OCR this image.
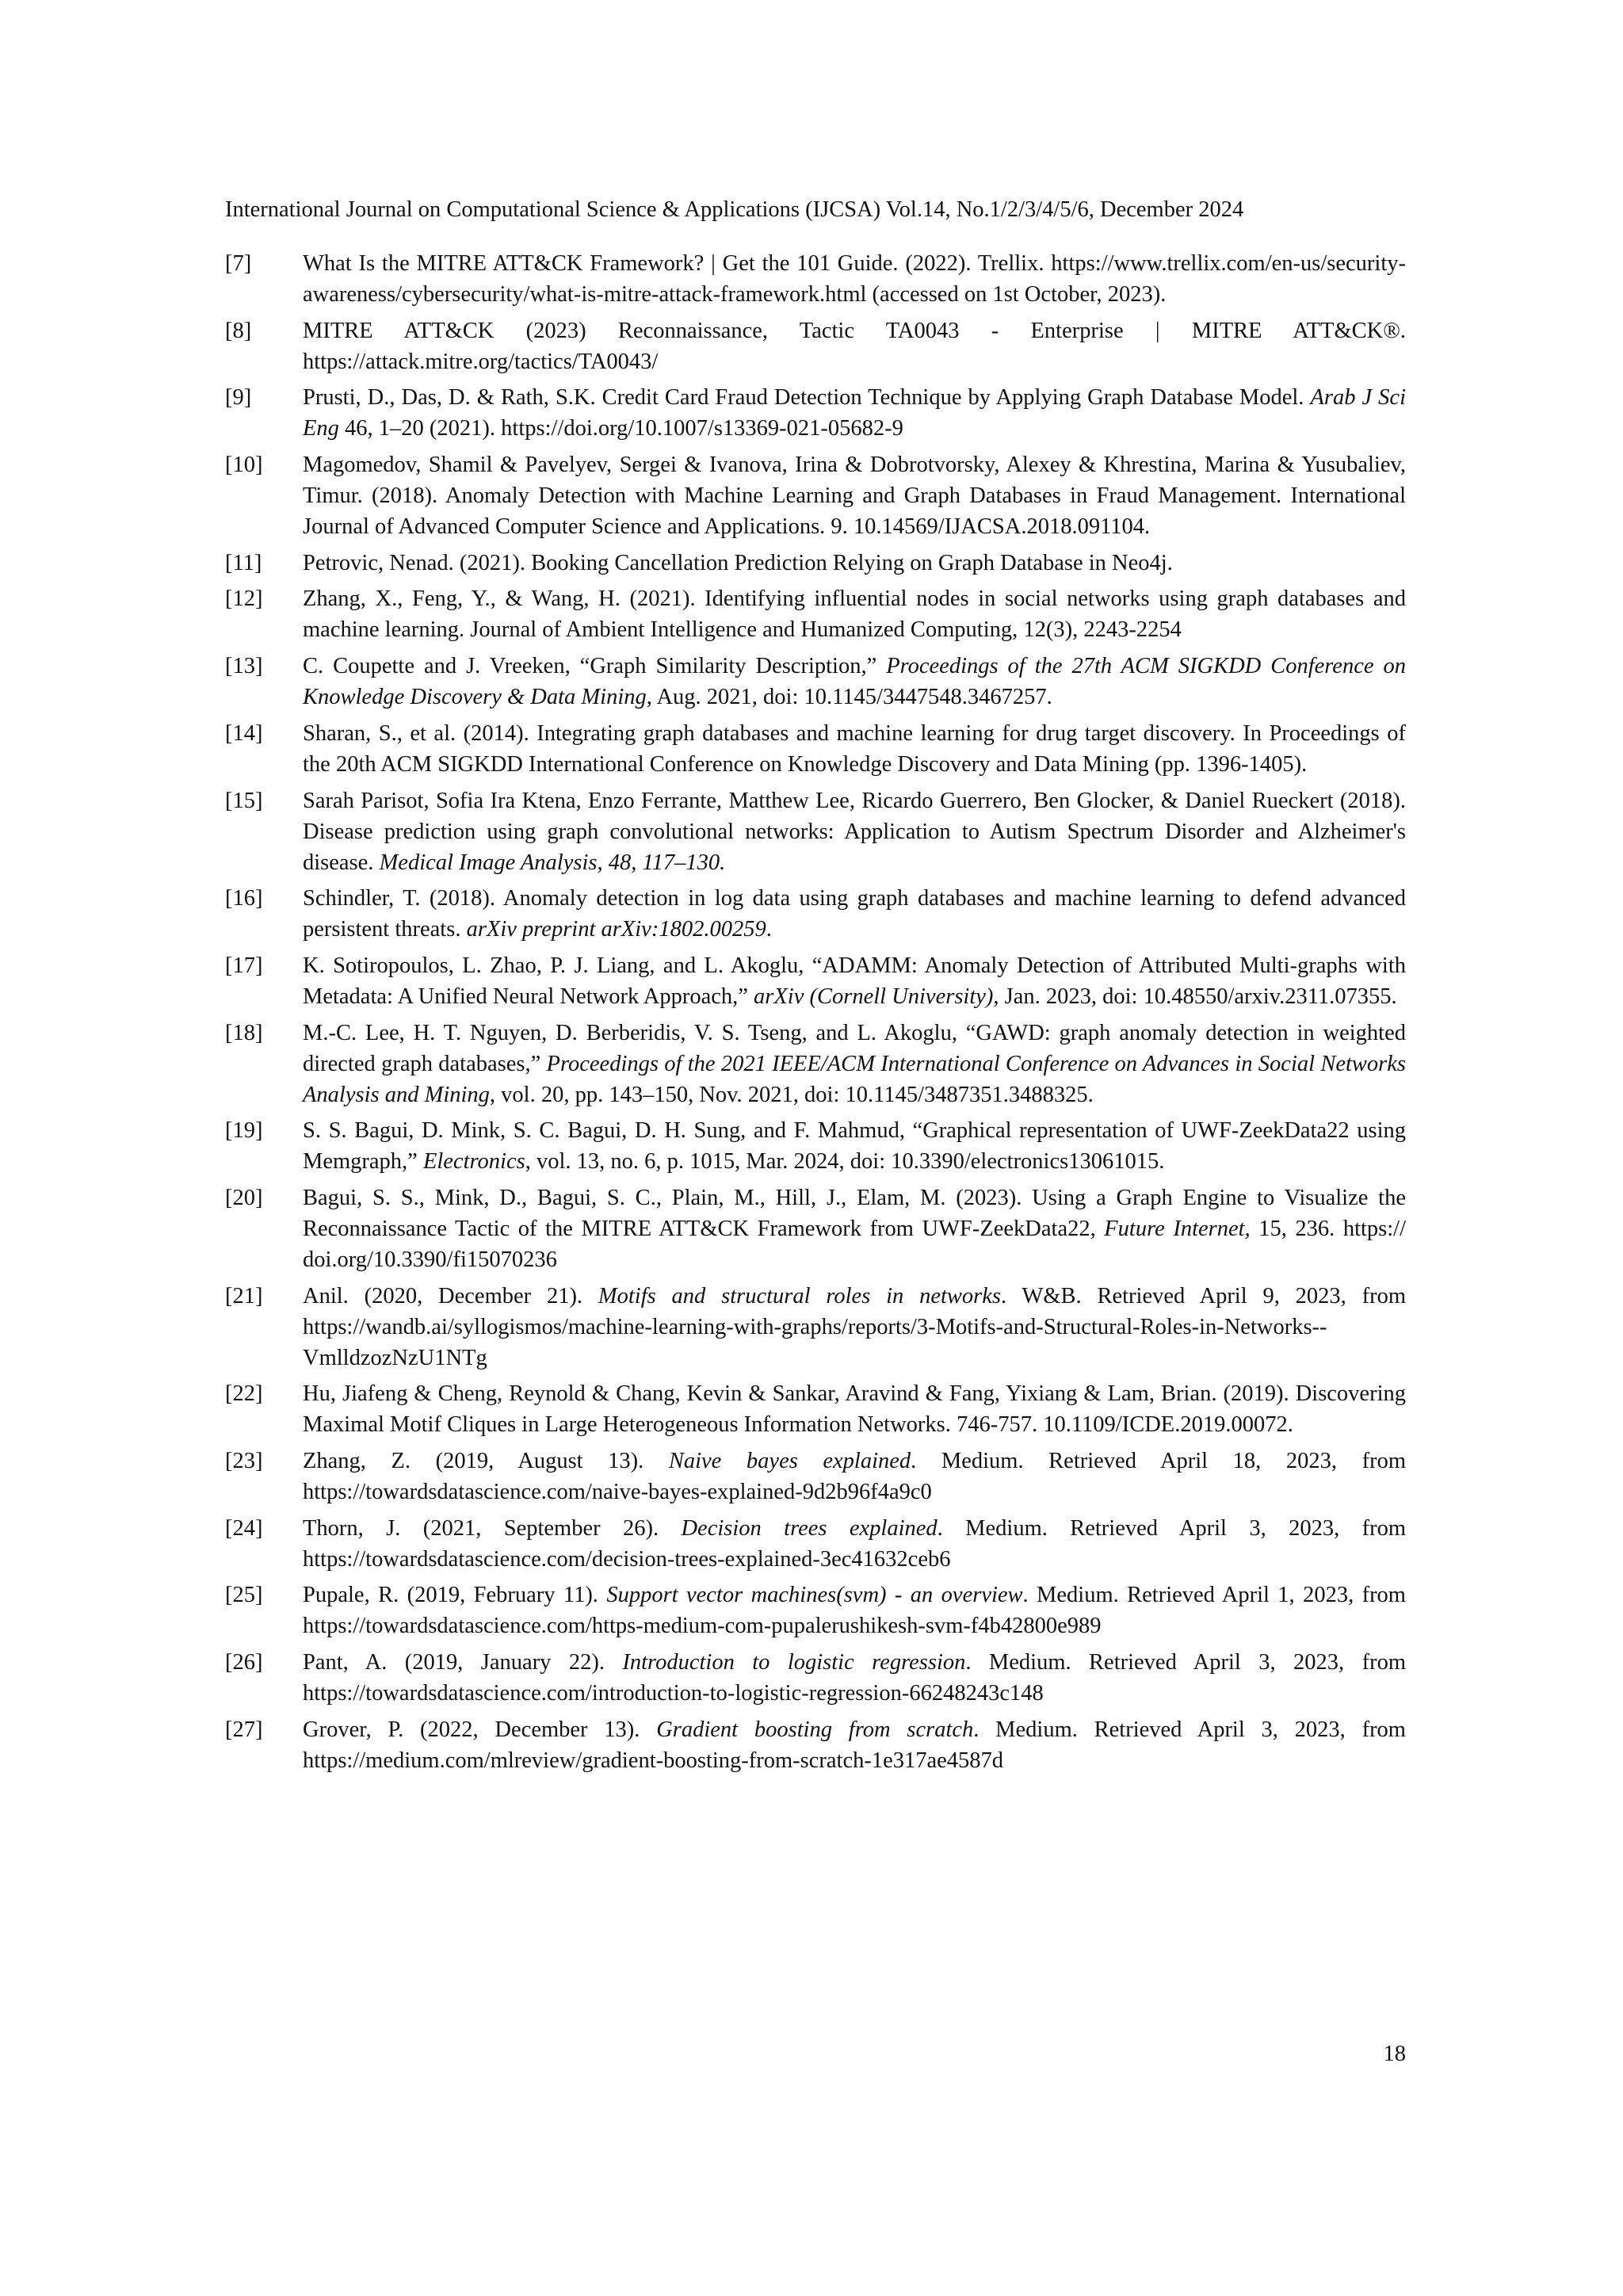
International Journal on Computational Science & Applications (IJCSA) Vol.14, No.1/2/3/4/5/6, December 2024
[7]	What Is the MITRE ATT&CK Framework? | Get the 101 Guide. (2022). Trellix. https://www.trellix.com/en-us/security-awareness/cybersecurity/what-is-mitre-attack-framework.html (accessed on 1st October, 2023).
[8]	MITRE ATT&CK (2023) Reconnaissance, Tactic TA0043 - Enterprise | MITRE ATT&CK®. https://attack.mitre.org/tactics/TA0043/
[9]	Prusti, D., Das, D. & Rath, S.K. Credit Card Fraud Detection Technique by Applying Graph Database Model. Arab J Sci Eng 46, 1–20 (2021). https://doi.org/10.1007/s13369-021-05682-9
[10]	Magomedov, Shamil & Pavelyev, Sergei & Ivanova, Irina & Dobrotvorsky, Alexey & Khrestina, Marina & Yusubaliev, Timur. (2018). Anomaly Detection with Machine Learning and Graph Databases in Fraud Management. International Journal of Advanced Computer Science and Applications. 9. 10.14569/IJACSA.2018.091104.
[11]	Petrovic, Nenad. (2021). Booking Cancellation Prediction Relying on Graph Database in Neo4j.
[12]	Zhang, X., Feng, Y., & Wang, H. (2021). Identifying influential nodes in social networks using graph databases and machine learning. Journal of Ambient Intelligence and Humanized Computing, 12(3), 2243-2254
[13]	C. Coupette and J. Vreeken, “Graph Similarity Description,” Proceedings of the 27th ACM SIGKDD Conference on Knowledge Discovery & Data Mining, Aug. 2021, doi: 10.1145/3447548.3467257.
[14]	Sharan, S., et al. (2014). Integrating graph databases and machine learning for drug target discovery. In Proceedings of the 20th ACM SIGKDD International Conference on Knowledge Discovery and Data Mining (pp. 1396-1405).
[15]	Sarah Parisot, Sofia Ira Ktena, Enzo Ferrante, Matthew Lee, Ricardo Guerrero, Ben Glocker, & Daniel Rueckert (2018). Disease prediction using graph convolutional networks: Application to Autism Spectrum Disorder and Alzheimer's disease. Medical Image Analysis, 48, 117–130.
[16]	Schindler, T. (2018). Anomaly detection in log data using graph databases and machine learning to defend advanced persistent threats. arXiv preprint arXiv:1802.00259.
[17]	K. Sotiropoulos, L. Zhao, P. J. Liang, and L. Akoglu, “ADAMM: Anomaly Detection of Attributed Multi-graphs with Metadata: A Unified Neural Network Approach,” arXiv (Cornell University), Jan. 2023, doi: 10.48550/arxiv.2311.07355.
[18]	M.-C. Lee, H. T. Nguyen, D. Berberidis, V. S. Tseng, and L. Akoglu, “GAWD: graph anomaly detection in weighted directed graph databases,” Proceedings of the 2021 IEEE/ACM International Conference on Advances in Social Networks Analysis and Mining, vol. 20, pp. 143–150, Nov. 2021, doi: 10.1145/3487351.3488325.
[19]	S. S. Bagui, D. Mink, S. C. Bagui, D. H. Sung, and F. Mahmud, “Graphical representation of UWF-ZeekData22 using Memgraph,” Electronics, vol. 13, no. 6, p. 1015, Mar. 2024, doi: 10.3390/electronics13061015.
[20]	Bagui, S. S., Mink, D., Bagui, S. C., Plain, M., Hill, J., Elam, M. (2023). Using a Graph Engine to Visualize the Reconnaissance Tactic of the MITRE ATT&CK Framework from UWF-ZeekData22, Future Internet, 15, 236. https:// doi.org/10.3390/fi15070236
[21]	Anil. (2020, December 21). Motifs and structural roles in networks. W&B. Retrieved April 9, 2023, from https://wandb.ai/syllogismos/machine-learning-with-graphs/reports/3-Motifs-and-Structural-Roles-in-Networks--VmlldzozNzU1NTg
[22]	Hu, Jiafeng & Cheng, Reynold & Chang, Kevin & Sankar, Aravind & Fang, Yixiang & Lam, Brian. (2019). Discovering Maximal Motif Cliques in Large Heterogeneous Information Networks. 746-757. 10.1109/ICDE.2019.00072.
[23]	Zhang, Z. (2019, August 13). Naive bayes explained. Medium. Retrieved April 18, 2023, from https://towardsdatascience.com/naive-bayes-explained-9d2b96f4a9c0
[24]	Thorn, J. (2021, September 26). Decision trees explained. Medium. Retrieved April 3, 2023, from https://towardsdatascience.com/decision-trees-explained-3ec41632ceb6
[25]	Pupale, R. (2019, February 11). Support vector machines(svm) - an overview. Medium. Retrieved April 1, 2023, from https://towardsdatascience.com/https-medium-com-pupalerushikesh-svm-f4b42800e989
[26]	Pant, A. (2019, January 22). Introduction to logistic regression. Medium. Retrieved April 3, 2023, from https://towardsdatascience.com/introduction-to-logistic-regression-66248243c148
[27]	Grover, P. (2022, December 13). Gradient boosting from scratch. Medium. Retrieved April 3, 2023, from https://medium.com/mlreview/gradient-boosting-from-scratch-1e317ae4587d
18
